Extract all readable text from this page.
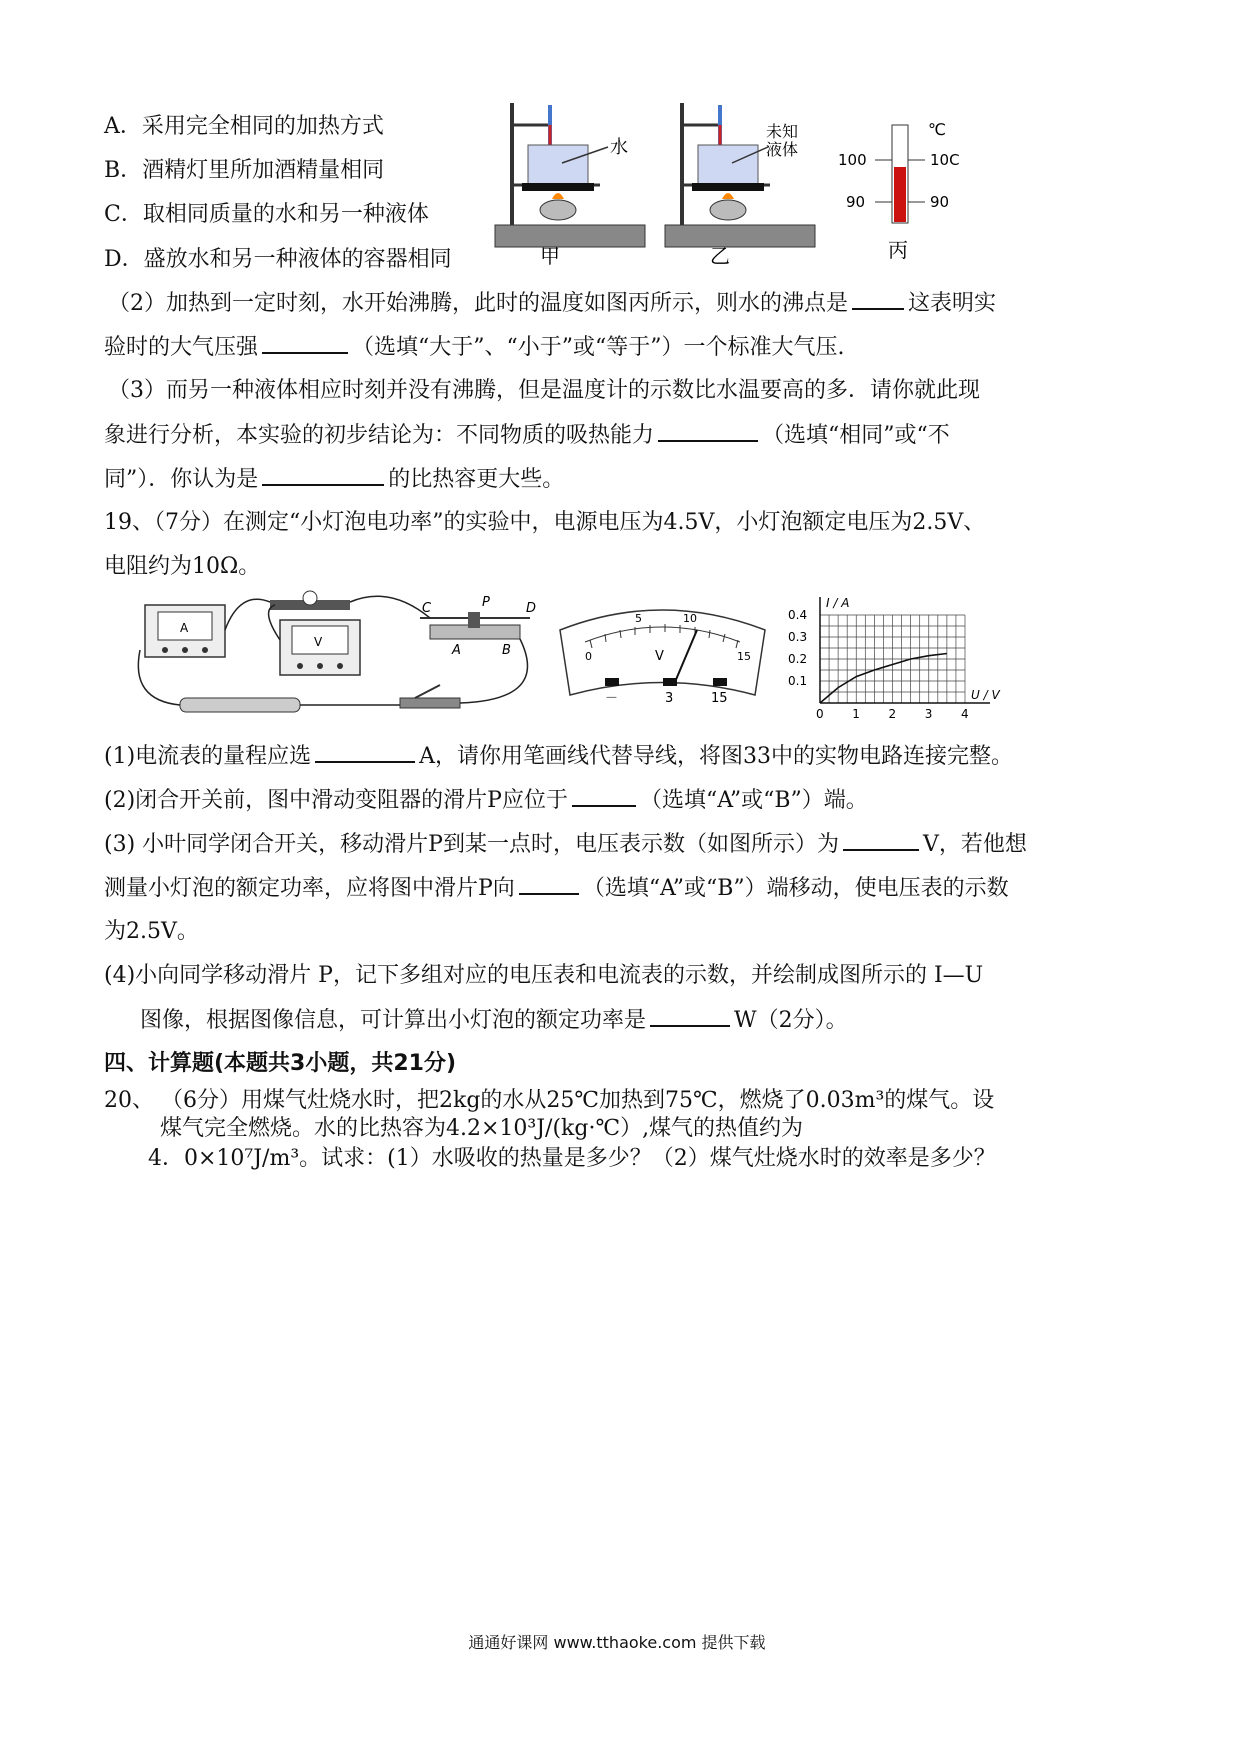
A．采用完全相同的加热方式
B．酒精灯里所加酒精量相同
C．取相同质量的水和另一种液体
D．盛放水和另一种液体的容器相同
水
甲
未知
液体
乙
℃
100	10C
90	90
丙
（2）加热到一定时刻，水开始沸腾，此时的温度如图丙所示，则水的沸点是	这表明实
验时的大气压强	（选填“大于”、“小于”或“等于”）一个标准大气压.
（3）而另一种液体相应时刻并没有沸腾，但是温度计的示数比水温要高的多．请你就此现
象进行分析，本实验的初步结论为：不同物质的吸热能力	（选填“相同”或“不
同”）．你认为是	的比热容更大些。
19、（7分）在测定“小灯泡电功率”的实验中，电源电压为4.5V，小灯泡额定电压为2.5V、
电阻约为10Ω。
A
V
C	P	D
A	B	0
5	10
15
V
－	3	15
0 1 2 3 4
0.1
0.2
0.3
0.4
U / V
I / A
(1)电流表的量程应选	A，请你用笔画线代替导线，将图33中的实物电路连接完整。
(2)闭合开关前，图中滑动变阻器的滑片P应位于	（选填“A”或“B”）端。
(3) 小叶同学闭合开关，移动滑片P到某一点时，电压表示数（如图所示）为	V，若他想
测量小灯泡的额定功率，应将图中滑片P向	（选填“A”或“B”）端移动，使电压表的示数
为2.5V。
(4)小向同学移动滑片 P，记下多组对应的电压表和电流表的示数，并绘制成图所示的 I—U
图像，根据图像信息，可计算出小灯泡的额定功率是	W（2分）。
四、计算题(本题共3小题，共21分)
20、 （6分）用煤气灶烧水时，把2kg的水从25℃加热到75℃，燃烧了0.03m³的煤气。设
煤气完全燃烧。水的比热容为4.2×10³J/(kg·℃）,煤气的热值约为
4．0×10⁷J/m³。试求：(1）水吸收的热量是多少？（2）煤气灶烧水时的效率是多少？
通通好课网 www.tthaoke.com 提供下载
